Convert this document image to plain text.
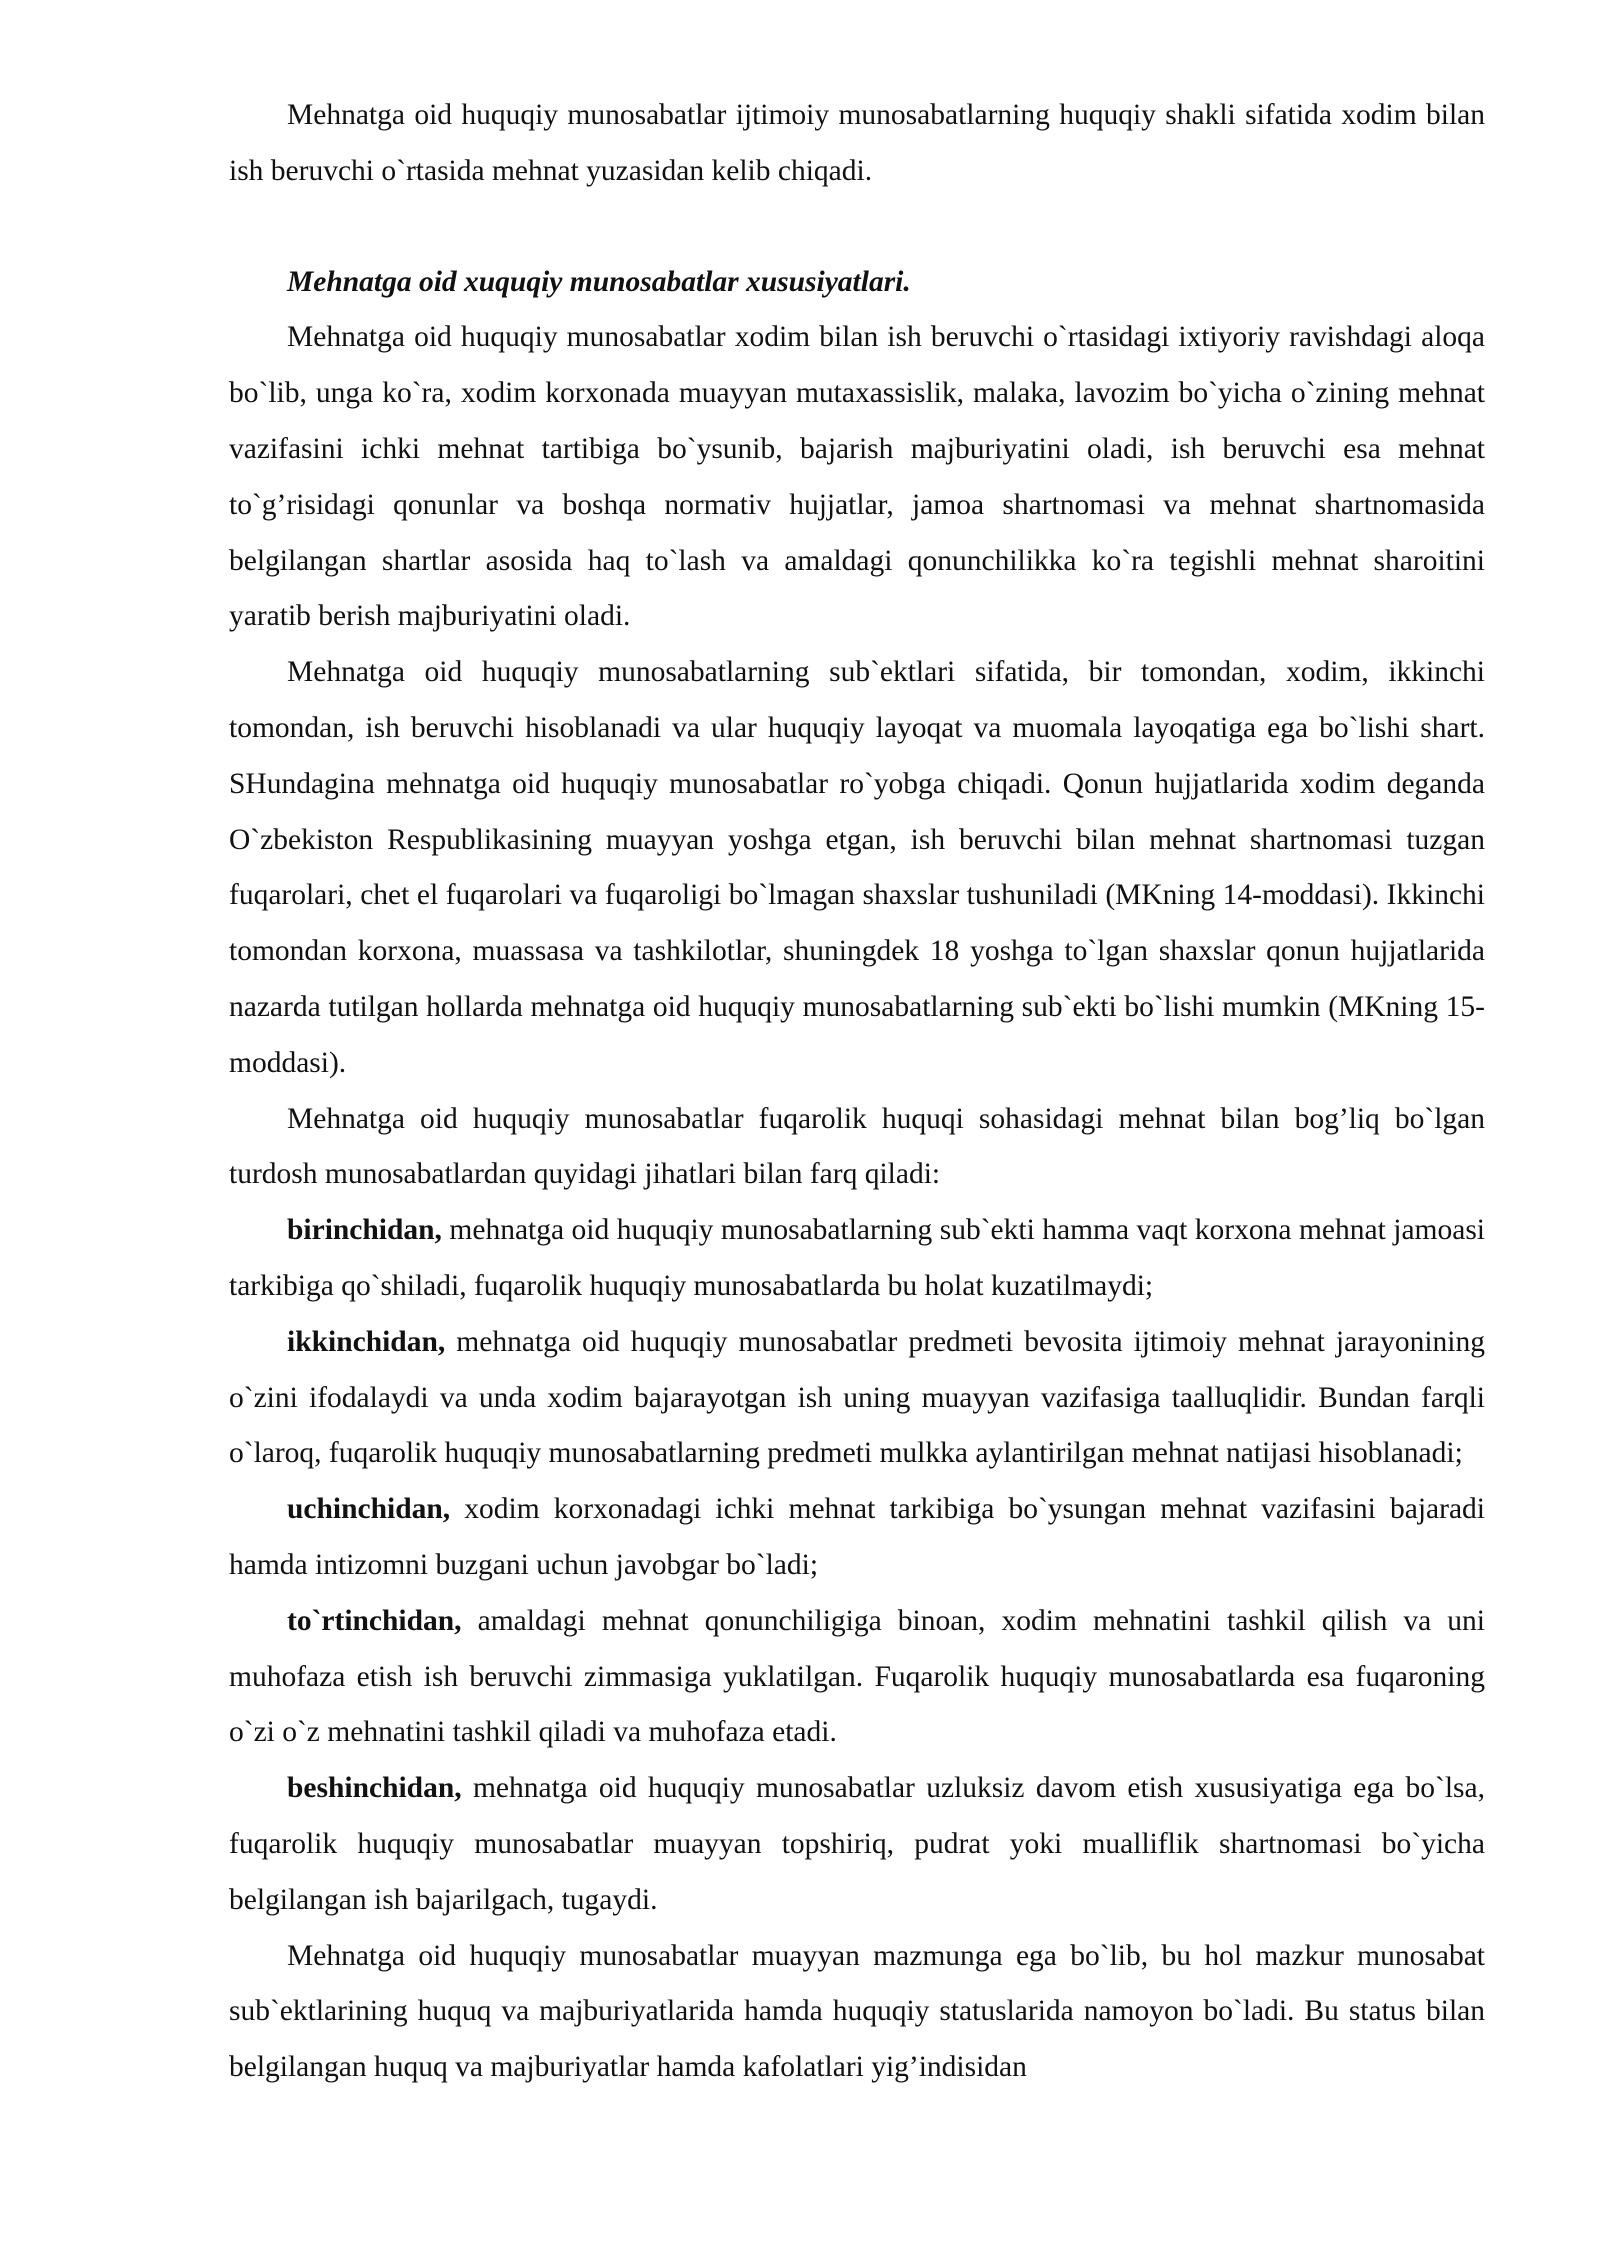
Mehnatga oid huquqiy munosabatlar ijtimoiy munosabatlarning huquqiy shakli sifatida xodim bilan ish beruvchi o`rtasida mehnat yuzasidan kelib chiqadi.

Mehnatga oid xuquqiy munosabatlar xususiyatlari.

Mehnatga oid huquqiy munosabatlar xodim bilan ish beruvchi o`rtasidagi ixtiyoriy ravishdagi aloqa bo`lib, unga ko`ra, xodim korxonada muayyan mutaxassislik, malaka, lavozim bo`yicha o`zining mehnat vazifasini ichki mehnat tartibiga bo`ysunib, bajarish majburiyatini oladi, ish beruvchi esa mehnat to`g’risidagi qonunlar va boshqa normativ hujjatlar, jamoa shartnomasi va mehnat shartnomasida belgilangan shartlar asosida haq to`lash va amaldagi qonunchilikka ko`ra tegishli mehnat sharoitini yaratib berish majburiyatini oladi.

Mehnatga oid huquqiy munosabatlarning sub`ektlari sifatida, bir tomondan, xodim, ikkinchi tomondan, ish beruvchi hisoblanadi va ular huquqiy layoqat va muomala layoqatiga ega bo`lishi shart. SHundagina mehnatga oid huquqiy munosabatlar ro`yobga chiqadi. Qonun hujjatlarida xodim deganda O`zbekiston Respublikasining muayyan yoshga etgan, ish beruvchi bilan mehnat shartnomasi tuzgan fuqarolari, chet el fuqarolari va fuqaroligi bo`lmagan shaxslar tushuniladi (MKning 14-moddasi). Ikkinchi tomondan korxona, muassasa va tashkilotlar, shuningdek 18 yoshga to`lgan shaxslar qonun hujjatlarida nazarda tutilgan hollarda mehnatga oid huquqiy munosabatlarning sub`ekti bo`lishi mumkin (MKning 15-moddasi).

Mehnatga oid huquqiy munosabatlar fuqarolik huquqi sohasidagi mehnat bilan bog’liq bo`lgan turdosh munosabatlardan quyidagi jihatlari bilan farq qiladi:

birinchidan, mehnatga oid huquqiy munosabatlarning sub`ekti hamma vaqt korxona mehnat jamoasi tarkibiga qo`shiladi, fuqarolik huquqiy munosabatlarda bu holat kuzatilmaydi;

ikkinchidan, mehnatga oid huquqiy munosabatlar predmeti bevosita ijtimoiy mehnat jarayonining o`zini ifodalaydi va unda xodim bajarayotgan ish uning muayyan vazifasiga taalluqlidir. Bundan farqli o`laroq, fuqarolik huquqiy munosabatlarning predmeti mulkka aylantirilgan mehnat natijasi hisoblanadi;

uchinchidan, xodim korxonadagi ichki mehnat tarkibiga bo`ysungan mehnat vazifasini bajaradi hamda intizomni buzgani uchun javobgar bo`ladi;

to`rtinchidan, amaldagi mehnat qonunchiligiga binoan, xodim mehnatini tashkil qilish va uni muhofaza etish ish beruvchi zimmasiga yuklatilgan. Fuqarolik huquqiy munosabatlarda esa fuqaroning o`zi o`z mehnatini tashkil qiladi va muhofaza etadi.

beshinchidan, mehnatga oid huquqiy munosabatlar uzluksiz davom etish xususiyatiga ega bo`lsa, fuqarolik huquqiy munosabatlar muayyan topshiriq, pudrat yoki mualliflik shartnomasi bo`yicha belgilangan ish bajarilgach, tugaydi.

Mehnatga oid huquqiy munosabatlar muayyan mazmunga ega bo`lib, bu hol mazkur munosabat sub`ektlarining huquq va majburiyatlarida hamda huquqiy statuslarida namoyon bo`ladi. Bu status bilan belgilangan huquq va majburiyatlar hamda kafolatlari yig’indisidan
